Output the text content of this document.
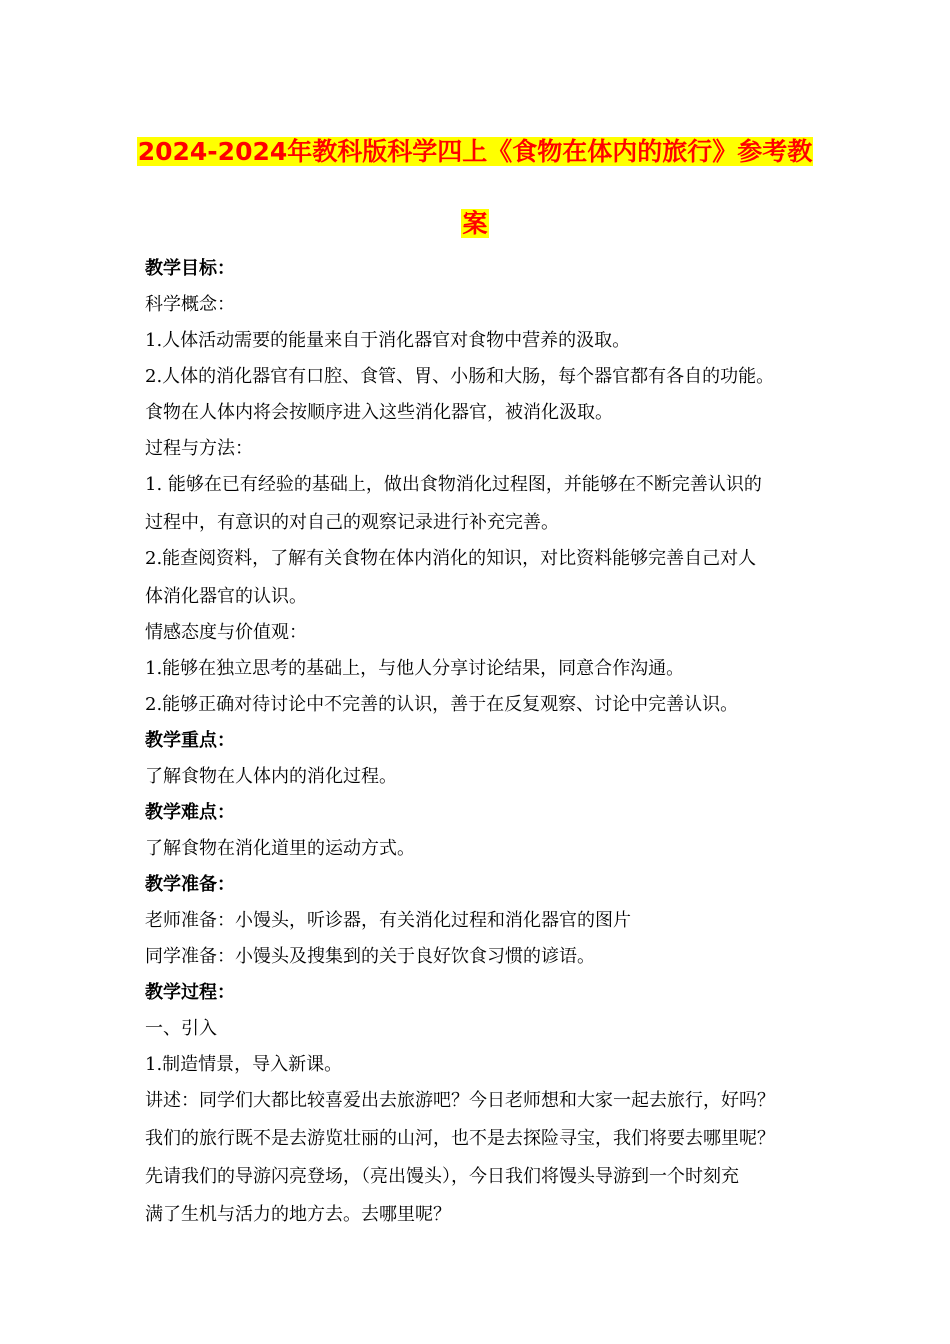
2024-2024年教科版科学四上《食物在体内的旅行》参考教
案

教学目标：

科学概念：

1.人体活动需要的能量来自于消化器官对食物中营养的汲取。

2.人体的消化器官有口腔、食管、胃、小肠和大肠，每个器官都有各自的功能。

食物在人体内将会按顺序进入这些消化器官，被消化汲取。

过程与方法：

1. 能够在已有经验的基础上，做出食物消化过程图，并能够在不断完善认识的

过程中，有意识的对自己的观察记录进行补充完善。

2.能查阅资料，了解有关食物在体内消化的知识，对比资料能够完善自己对人

体消化器官的认识。

情感态度与价值观：

1.能够在独立思考的基础上，与他人分享讨论结果，同意合作沟通。

2.能够正确对待讨论中不完善的认识，善于在反复观察、讨论中完善认识。

教学重点：

了解食物在人体内的消化过程。

教学难点：

了解食物在消化道里的运动方式。

教学准备：

老师准备：小馒头，听诊器，有关消化过程和消化器官的图片

同学准备：小馒头及搜集到的关于良好饮食习惯的谚语。

教学过程：

一、引入

1.制造情景，导入新课。

讲述：同学们大都比较喜爱出去旅游吧？今日老师想和大家一起去旅行，好吗？

我们的旅行既不是去游览壮丽的山河，也不是去探险寻宝，我们将要去哪里呢？

先请我们的导游闪亮登场，（亮出馒头），今日我们将馒头导游到一个时刻充

满了生机与活力的地方去。去哪里呢？
